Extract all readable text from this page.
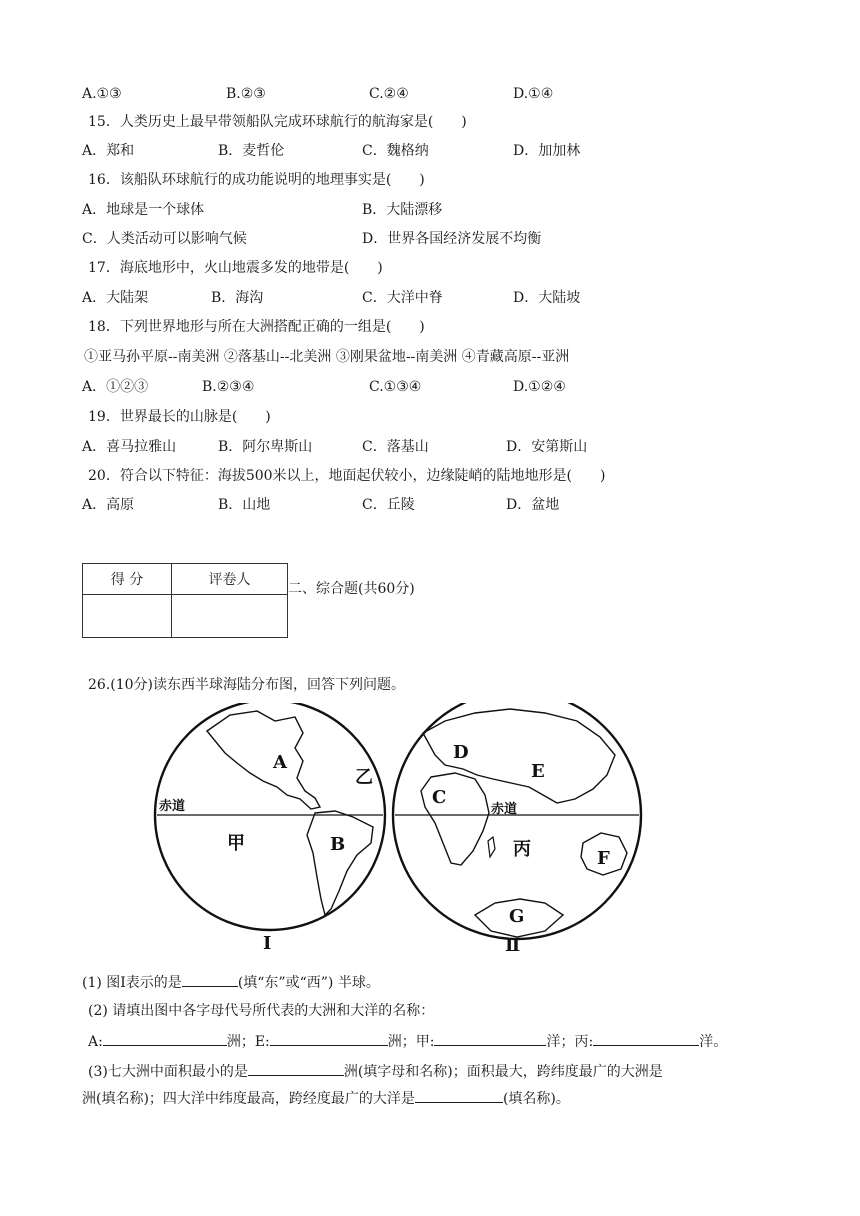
A.①③	B.②③	C.②④	D.①④
15．人类历史上最早带领船队完成环球航行的航海家是(　　)
A．郑和	B．麦哲伦	C．魏格纳	D．加加林
16．该船队环球航行的成功能说明的地理事实是(　　)
A．地球是一个球体	B．大陆漂移
C．人类活动可以影响气候	D．世界各国经济发展不均衡
17．海底地形中，火山地震多发的地带是(　　)
A．大陆架	B．海沟	C．大洋中脊	D．大陆坡
18．下列世界地形与所在大洲搭配正确的一组是(　　)
①亚马孙平原--南美洲 ②落基山--北美洲 ③刚果盆地--南美洲 ④青藏高原--亚洲
A．①②③	B.②③④	C.①③④	D.①②④
19．世界最长的山脉是(　　)
A．喜马拉雅山	B．阿尔卑斯山	C．落基山	D．安第斯山
20．符合以下特征：海拔500米以上，地面起伏较小，边缘陡峭的陆地地形是(　　)
A．高原	B．山地	C．丘陵	D．盆地
得 分	评卷人

二、综合题(共60分)
26.(10分)读东西半球海陆分布图，回答下列问题。
赤道
A
B
乙
甲
Ⅰ
赤道
C
D
E
F
G
丙
Ⅱ
(1) 图Ⅰ表示的是	(填“东”或“西”) 半球。
(2) 请填出图中各字母代号所代表的大洲和大洋的名称：
A:	洲；E:	洲；甲:	洋；丙:	洋。
(3)七大洲中面积最小的是	洲(填字母和名称)；面积最大，跨纬度最广的大洲是
洲(填名称)；四大洋中纬度最高，跨经度最广的大洋是	(填名称)。
